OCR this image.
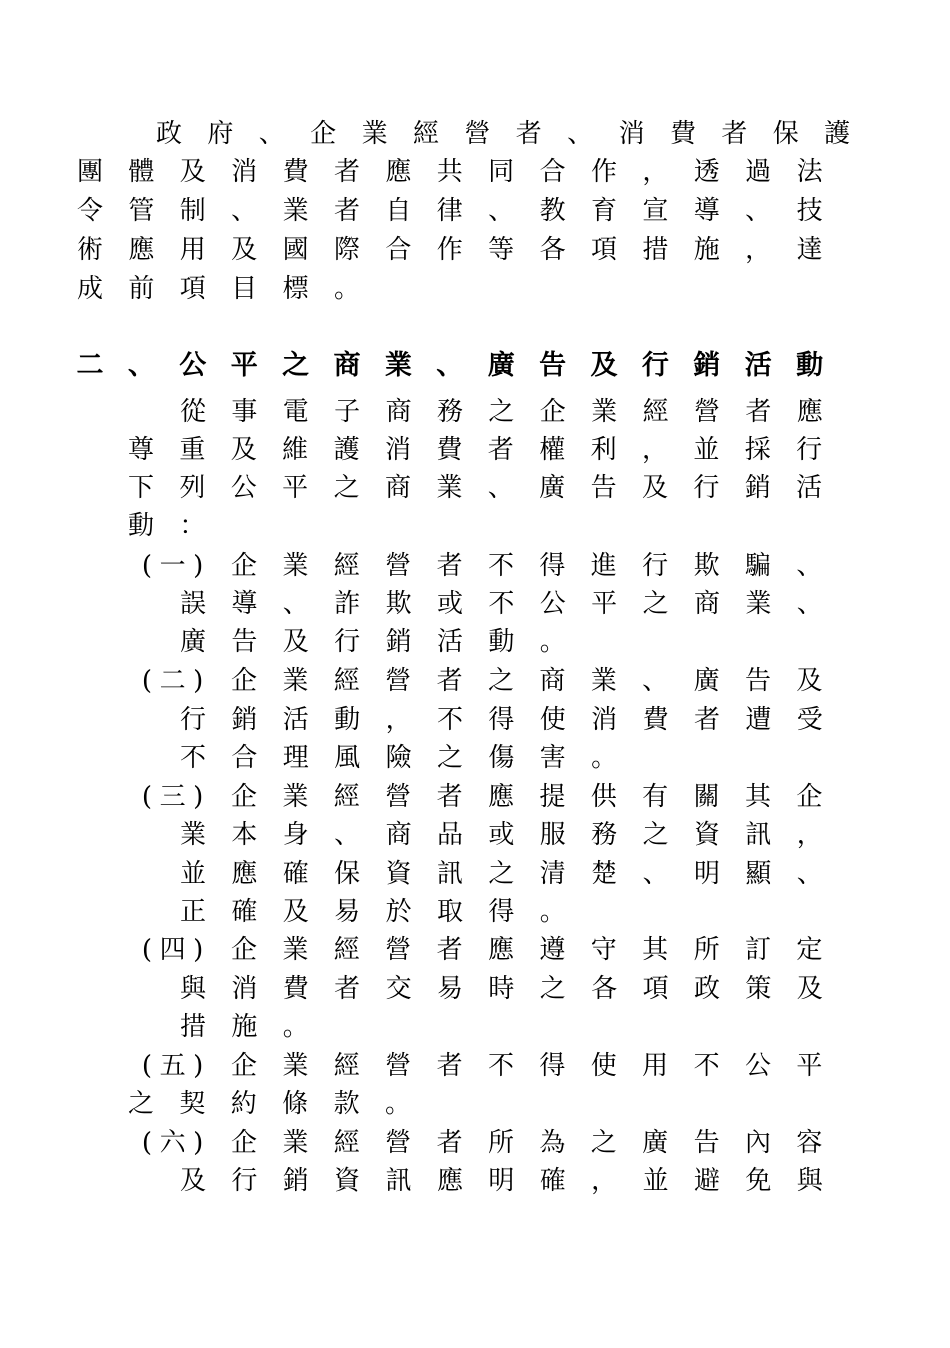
政 府 、 企 業 經 營 者 、 消 費 者 保 護
團 體 及 消 費 者 應 共 同 合 作 ， 透 過 法
令 管 制 、 業 者 自 律 、 教 育 宣 導 、 技
術 應 用 及 國 際 合 作 等 各 項 措 施 ， 達
成 前 項 目 標 。
二 、 公 平 之 商 業 、 廣 告 及 行 銷 活 動
從 事 電 子 商 務 之 企 業 經 營 者 應
尊 重 及 維 護 消 費 者 權 利 ， 並 採 行
下 列 公 平 之 商 業 、 廣 告 及 行 銷 活
動 ：
( 一 )	企 業 經 營 者 不 得 進 行 欺 騙 、
誤 導 、 詐 欺 或 不 公 平 之 商 業 、
廣 告 及 行 銷 活 動 。
( 二 )	企 業 經 營 者 之 商 業 、 廣 告 及
行 銷 活 動 ， 不 得 使 消 費 者 遭 受
不 合 理 風 險 之 傷 害 。
( 三 )	企 業 經 營 者 應 提 供 有 關 其 企
業 本 身 、 商 品 或 服 務 之 資 訊 ，
並 應 確 保 資 訊 之 清 楚 、 明 顯 、
正 確 及 易 於 取 得 。
( 四 )	企 業 經 營 者 應 遵 守 其 所 訂 定
與 消 費 者 交 易 時 之 各 項 政 策 及
措 施 。
( 五 )	企 業 經 營 者 不 得 使 用 不 公 平
之 契 約 條 款 。
( 六 )	企 業 經 營 者 所 為 之 廣 告 內 容
及 行 銷 資 訊 應 明 確 ， 並 避 免 與
